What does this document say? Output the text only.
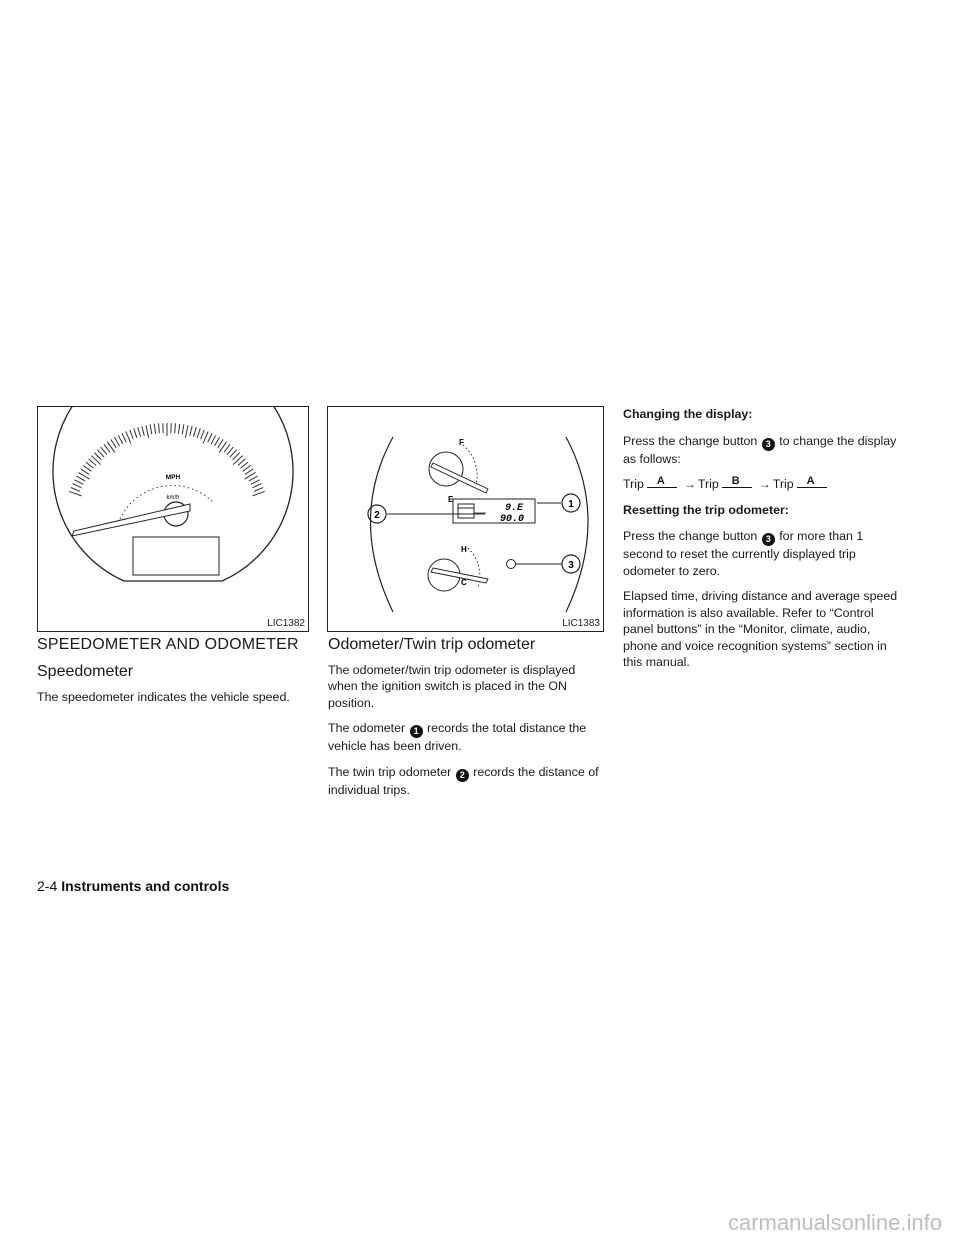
MPH
km/h
LIC1382
F
E
9.E
90.0
H
C
1
2
3
LIC1383
SPEEDOMETER AND ODOMETER
Speedometer

The speedometer indicates the vehicle speed.

Odometer/Twin trip odometer

The odometer/twin trip odometer is displayed when the ignition switch is placed in the ON position.

The odometer 1 records the total distance the vehicle has been driven.

The twin trip odometer 2 records the distance of individual trips.

Changing the display:

Press the change button 3 to change the display as follows:

Trip A → Trip B → Trip A

Resetting the trip odometer:

Press the change button 3 for more than 1 second to reset the currently displayed trip odometer to zero.

Elapsed time, driving distance and average speed information is also available. Refer to “Control panel buttons” in the “Monitor, climate, audio, phone and voice recognition systems” section in this manual.

2-4 Instruments and controls
carmanualsonline.info
